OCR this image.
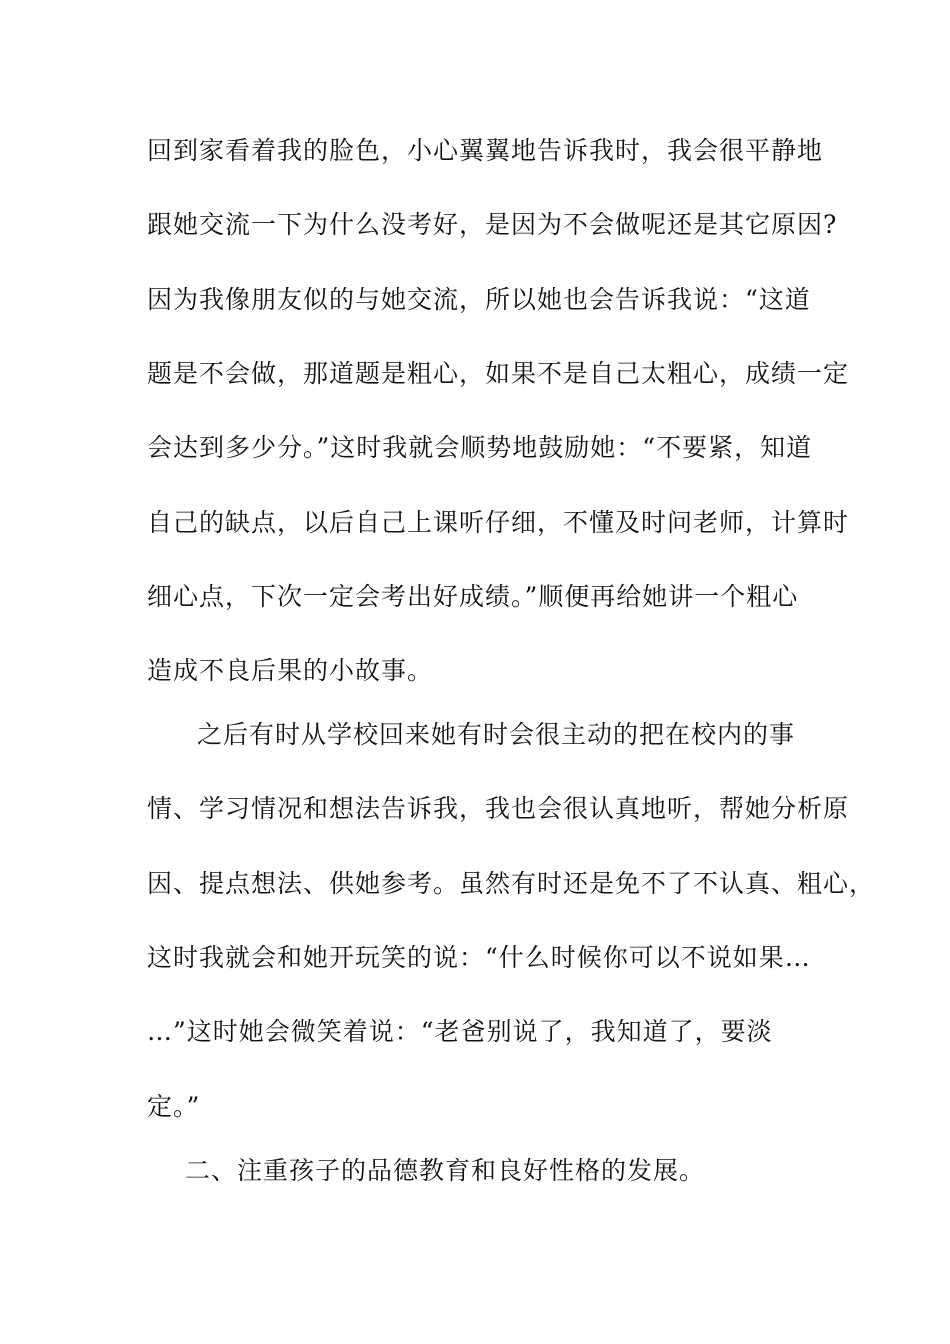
回到家看着我的脸色，小心翼翼地告诉我时，我会很平静地
跟她交流一下为什么没考好，是因为不会做呢还是其它原因?
因为我像朋友似的与她交流，所以她也会告诉我说：“这道
题是不会做，那道题是粗心，如果不是自己太粗心，成绩一定
会达到多少分。”这时我就会顺势地鼓励她：“不要紧，知道
自己的缺点，以后自己上课听仔细，不懂及时问老师，计算时
细心点，下次一定会考出好成绩。”顺便再给她讲一个粗心
造成不良后果的小故事。
之后有时从学校回来她有时会很主动的把在校内的事
情、学习情况和想法告诉我，我也会很认真地听，帮她分析原
因、提点想法、供她参考。虽然有时还是免不了不认真、粗心，
这时我就会和她开玩笑的说：“什么时候你可以不说如果…
…”这时她会微笑着说：“老爸别说了，我知道了，要淡
定。”
二、注重孩子的品德教育和良好性格的发展。
